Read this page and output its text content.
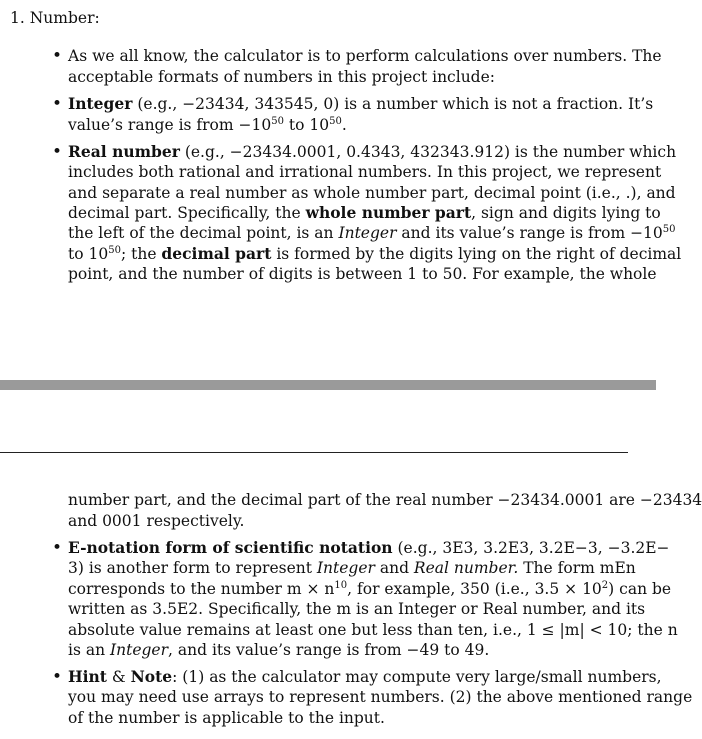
1. Number:
• As we all know, the calculator is to perform calculations over numbers. The
acceptable formats of numbers in this project include:
• Integer (e.g., −23434, 343545, 0) is a number which is not a fraction. It’s
value’s range is from $-10^{50}$ to $10^{50}$.
• Real number (e.g., −23434.0001, 0.4343, 432343.912) is the number which
includes both rational and irrational numbers. In this project, we represent
and separate a real number as whole number part, decimal point (i.e., .), and
decimal part. Specifically, the whole number part, sign and digits lying to
the left of the decimal point, is an Integer and its value’s range is from $-10^{50}$
to $10^{50}$; the decimal part is formed by the digits lying on the right of decimal
point, and the number of digits is between 1 to 50. For example, the whole
number part, and the decimal part of the real number −23434.0001 are −23434
and 0001 respectively.
• E-notation form of scientific notation (e.g., 3E3, 3.2E3, 3.2E−3, −3.2E−
3) is another form to represent Integer and Real number. The form mEn
corresponds to the number $m \times n^{10}$, for example, 350 (i.e., $3.5 \times 10^2$) can be
written as 3.5E2. Specifically, the m is an Integer or Real number, and its
absolute value remains at least one but less than ten, i.e., 1 ≤ |m| < 10; the n
is an Integer, and its value’s range is from −49 to 49.
• Hint & Note: (1) as the calculator may compute very large/small numbers,
you may need use arrays to represent numbers. (2) the above mentioned range
of the number is applicable to the input.
